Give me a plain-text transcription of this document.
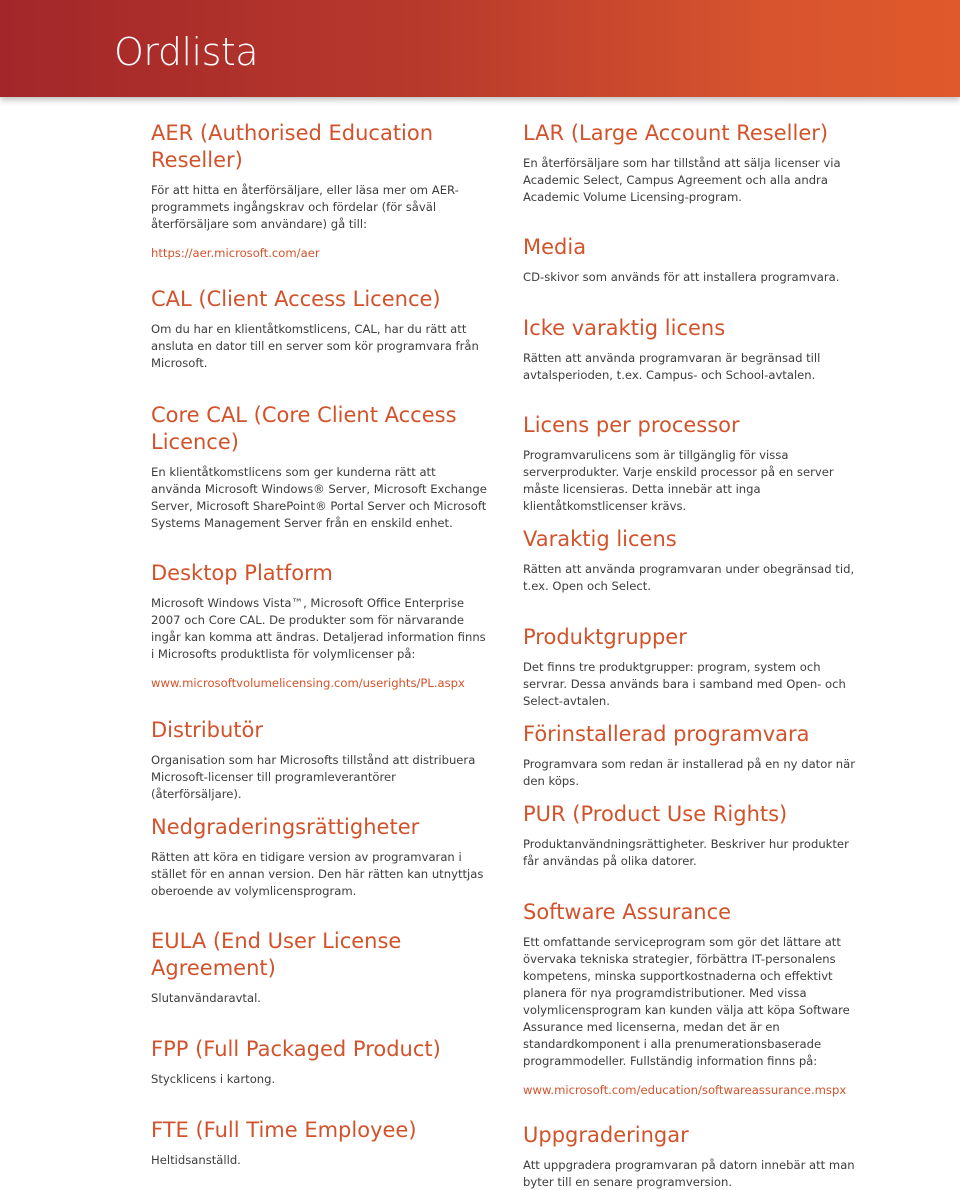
Ordlista
AER (Authorised Education Reseller)

För att hitta en återförsäljare, eller läsa mer om AER-programmets ingångskrav och fördelar (för såväl återförsäljare som användare) gå till:

https://aer.microsoft.com/aer
CAL (Client Access Licence)

Om du har en klientåtkomstlicens, CAL, har du rätt att ansluta en dator till en server som kör programvara från Microsoft.

Core CAL (Core Client Access Licence)

En klientåtkomstlicens som ger kunderna rätt att använda Microsoft Windows® Server, Microsoft Exchange Server, Microsoft SharePoint® Portal Server och Microsoft Systems Management Server från en enskild enhet.

Desktop Platform

Microsoft Windows Vista™, Microsoft Office Enterprise 2007 och Core CAL. De produkter som för närvarande ingår kan komma att ändras. Detaljerad information finns i Microsofts produktlista för volymlicenser på:

www.microsoftvolumelicensing.com/userights/PL.aspx
Distributör

Organisation som har Microsofts tillstånd att distribuera Microsoft-licenser till programleverantörer (återförsäljare).

Nedgraderingsrättigheter

Rätten att köra en tidigare version av programvaran i stället för en annan version. Den här rätten kan utnyttjas oberoende av volymlicensprogram.

EULA (End User License Agreement)

Slutanvändaravtal.

FPP (Full Packaged Product)

Stycklicens i kartong.

FTE (Full Time Employee)

Heltidsanställd.

LAR (Large Account Reseller)

En återförsäljare som har tillstånd att sälja licenser via Academic Select, Campus Agreement och alla andra Academic Volume Licensing-program.

Media

CD-skivor som används för att installera programvara.

Icke varaktig licens

Rätten att använda programvaran är begränsad till avtalsperioden, t.ex. Campus- och School-avtalen.

Licens per processor

Programvarulicens som är tillgänglig för vissa serverprodukter. Varje enskild processor på en server måste licensieras. Detta innebär att inga klientåtkomstlicenser krävs.

Varaktig licens

Rätten att använda programvaran under obegränsad tid, t.ex. Open och Select.

Produktgrupper

Det finns tre produktgrupper: program, system och servrar. Dessa används bara i samband med Open- och Select-avtalen.

Förinstallerad programvara

Programvara som redan är installerad på en ny dator när den köps.

PUR (Product Use Rights)

Produktanvändningsrättigheter. Beskriver hur produkter får användas på olika datorer.

Software Assurance

Ett omfattande serviceprogram som gör det lättare att övervaka tekniska strategier, förbättra IT-personalens kompetens, minska supportkostnaderna och effektivt planera för nya programdistributioner. Med vissa volymlicensprogram kan kunden välja att köpa Software Assurance med licenserna, medan det är en standardkomponent i alla prenumerationsbaserade programmodeller. Fullständig information finns på:

www.microsoft.com/education/softwareassurance.mspx
Uppgraderingar

Att uppgradera programvaran på datorn innebär att man byter till en senare programversion.
